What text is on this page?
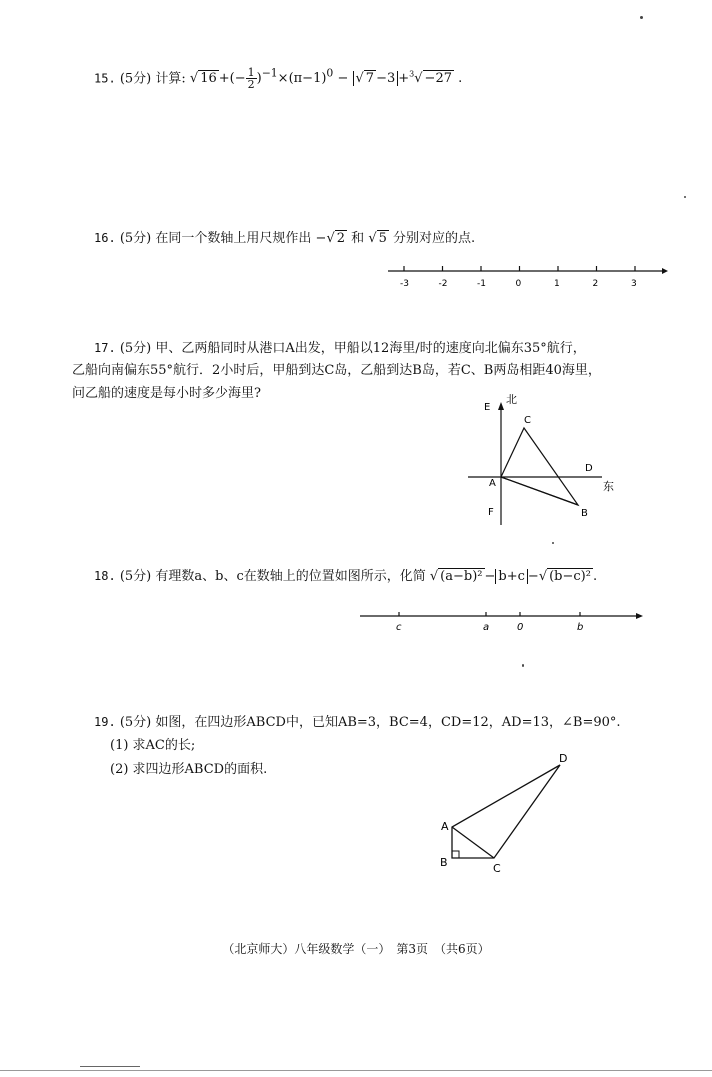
15. (5分) 计算: √ 16 +(− $\frac{1}{2} )^{-1}\times(\pi-1)^0$ − √ 7 −3 +$^3$√ −27 .
16. (5分) 在同一个数轴上用尺规作出 −√ 2 和 √ 5 分别对应的点.
-3	-2	-1	0	1	2	3
17. (5分) 甲、乙两船同时从港口A出发，甲船以12海里/时的速度向北偏东35°航行，
乙船向南偏东55°航行．2小时后，甲船到达C岛，乙船到达B岛，若C、B两岛相距40海里，
问乙船的速度是每小时多少海里?
E
北
C
D
东
A
F	B
18. (5分) 有理数a、b、c在数轴上的位置如图所示，化简 √ (a−b)² − b+c −√ (b−c)² .
c	a	0	b
19. (5分) 如图，在四边形ABCD中，已知AB=3，BC=4，CD=12，AD=13，∠B=90°.
(1) 求AC的长;
(2) 求四边形ABCD的面积.
A
B	C
D
（北京师大）八年级数学（一）　第3页　（共6页）
